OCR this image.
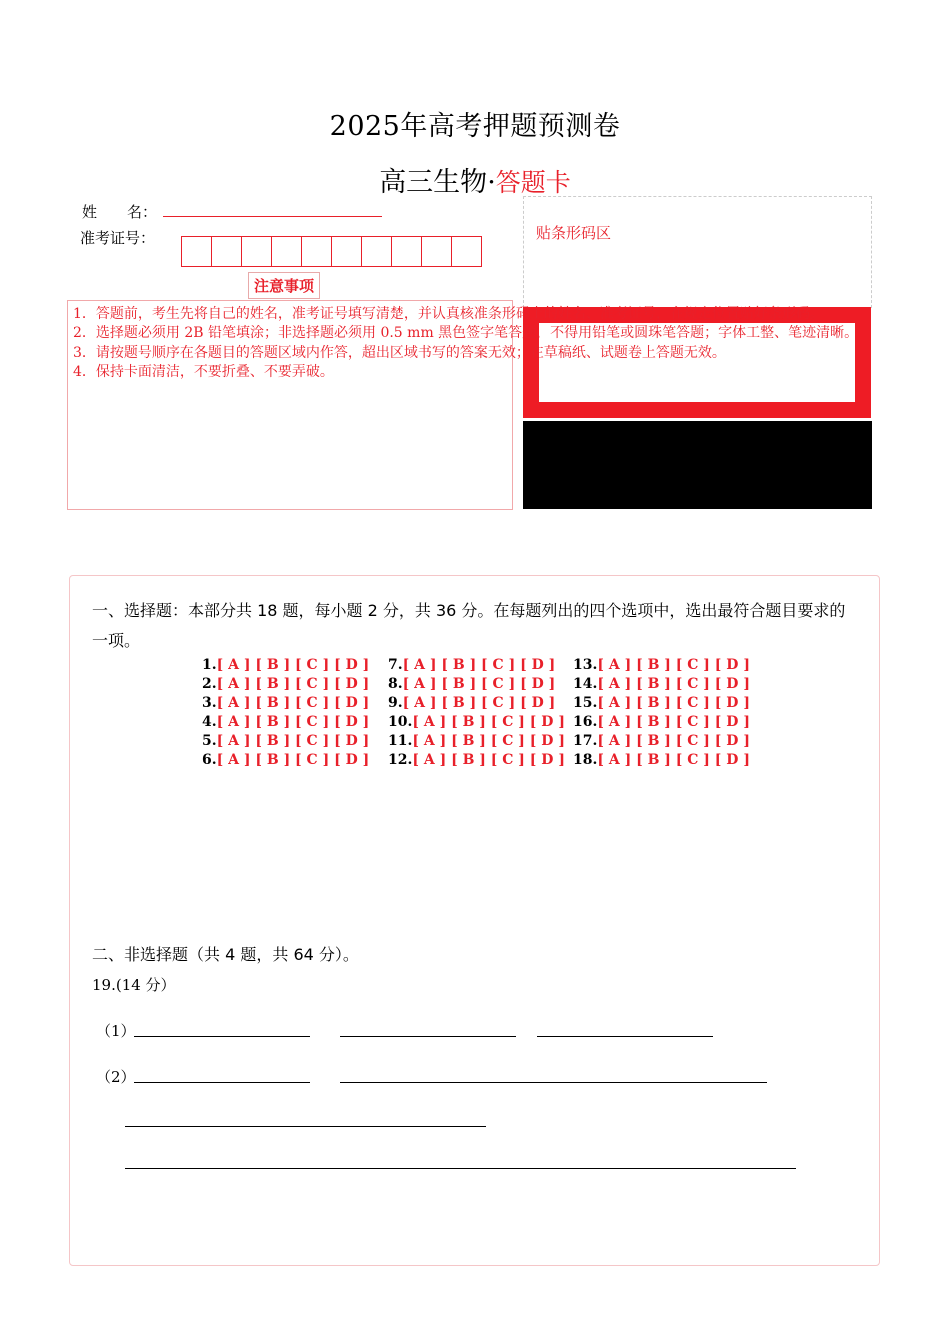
2025年高考押题预测卷
高三生物·答题卡
姓　　名：
准考证号：
注意事项
贴条形码区
1．答题前，考生先将自己的姓名，准考证号填写清楚，并认真核准条形码上的姓名、准考证号，在规定位置贴好条形码。
2．选择题必须用 2B 铅笔填涂；非选择题必须用 0.5 mm 黑色签字笔答题，不得用铅笔或圆珠笔答题；字体工整、笔迹清晰。
3．请按题号顺序在各题目的答题区域内作答，超出区域书写的答案无效；在草稿纸、试题卷上答题无效。
4．保持卡面清洁，不要折叠、不要弄破。
一、选择题：本部分共 18 题，每小题 2 分，共 36 分。在每题列出的四个选项中，选出最符合题目要求的一项。
1.[ A ] [ B ] [ C ] [ D ]
2.[ A ] [ B ] [ C ] [ D ]
3.[ A ] [ B ] [ C ] [ D ]
4.[ A ] [ B ] [ C ] [ D ]
5.[ A ] [ B ] [ C ] [ D ]
6.[ A ] [ B ] [ C ] [ D ]
7.[ A ] [ B ] [ C ] [ D ]
8.[ A ] [ B ] [ C ] [ D ]
9.[ A ] [ B ] [ C ] [ D ]
10.[ A ] [ B ] [ C ] [ D ]
11.[ A ] [ B ] [ C ] [ D ]
12.[ A ] [ B ] [ C ] [ D ]
13.[ A ] [ B ] [ C ] [ D ]
14.[ A ] [ B ] [ C ] [ D ]
15.[ A ] [ B ] [ C ] [ D ]
16.[ A ] [ B ] [ C ] [ D ]
17.[ A ] [ B ] [ C ] [ D ]
18.[ A ] [ B ] [ C ] [ D ]
二、非选择题（共 4 题，共 64 分）。
19.(14 分）
（1）
（2）
